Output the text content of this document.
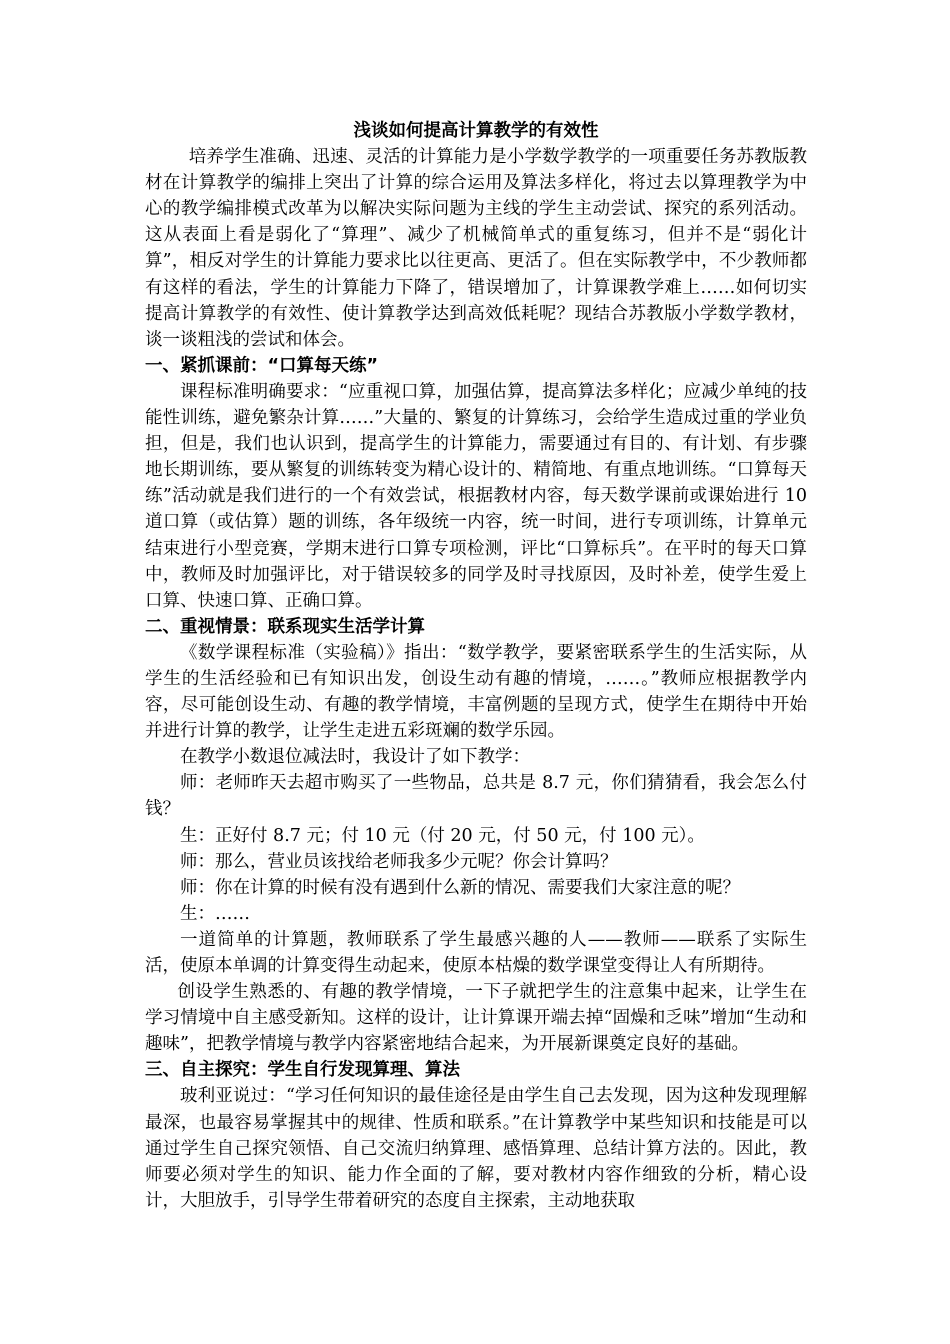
浅谈如何提高计算教学的有效性

培养学生准确、迅速、灵活的计算能力是小学数学教学的一项重要任务苏教版教材在计算教学的编排上突出了计算的综合运用及算法多样化，将过去以算理教学为中心的教学编排模式改革为以解决实际问题为主线的学生主动尝试、探究的系列活动。这从表面上看是弱化了“算理”、减少了机械简单式的重复练习，但并不是“弱化计算”，相反对学生的计算能力要求比以往更高、更活了。但在实际教学中，不少教师都有这样的看法，学生的计算能力下降了，错误增加了，计算课教学难上……如何切实提高计算教学的有效性、使计算教学达到高效低耗呢？现结合苏教版小学数学教材，谈一谈粗浅的尝试和体会。

一、紧抓课前：“口算每天练”

课程标准明确要求：“应重视口算，加强估算，提高算法多样化；应减少单纯的技能性训练，避免繁杂计算……”大量的、繁复的计算练习，会给学生造成过重的学业负担，但是，我们也认识到，提高学生的计算能力，需要通过有目的、有计划、有步骤地长期训练，要从繁复的训练转变为精心设计的、精简地、有重点地训练。“口算每天练”活动就是我们进行的一个有效尝试，根据教材内容，每天数学课前或课始进行 10 道口算（或估算）题的训练，各年级统一内容，统一时间，进行专项训练，计算单元结束进行小型竞赛，学期末进行口算专项检测，评比“口算标兵”。在平时的每天口算中，教师及时加强评比，对于错误较多的同学及时寻找原因，及时补差，使学生爱上口算、快速口算、正确口算。

二、重视情景：联系现实生活学计算

《数学课程标准（实验稿）》指出：“数学教学，要紧密联系学生的生活实际，从学生的生活经验和已有知识出发，创设生动有趣的情境，……。”教师应根据教学内容，尽可能创设生动、有趣的教学情境，丰富例题的呈现方式，使学生在期待中开始并进行计算的教学，让学生走进五彩斑斓的数学乐园。

在教学小数退位减法时，我设计了如下教学：

师：老师昨天去超市购买了一些物品，总共是 8.7 元，你们猜猜看，我会怎么付钱？

生：正好付 8.7 元；付 10 元（付 20 元，付 50 元，付 100 元）。

师：那么，营业员该找给老师我多少元呢？你会计算吗？

师：你在计算的时候有没有遇到什么新的情况、需要我们大家注意的呢？

生：……

一道简单的计算题，教师联系了学生最感兴趣的人——教师——联系了实际生活，使原本单调的计算变得生动起来，使原本枯燥的数学课堂变得让人有所期待。

创设学生熟悉的、有趣的教学情境，一下子就把学生的注意集中起来，让学生在学习情境中自主感受新知。这样的设计，让计算课开端去掉“固燥和乏味”增加“生动和趣味”，把教学情境与教学内容紧密地结合起来，为开展新课奠定良好的基础。

三、自主探究：学生自行发现算理、算法

玻利亚说过：“学习任何知识的最佳途径是由学生自己去发现，因为这种发现理解最深，也最容易掌握其中的规律、性质和联系。”在计算教学中某些知识和技能是可以通过学生自己探究领悟、自己交流归纳算理、感悟算理、总结计算方法的。因此，教师要必须对学生的知识、能力作全面的了解，要对教材内容作细致的分析，精心设计，大胆放手，引导学生带着研究的态度自主探索，主动地获取
